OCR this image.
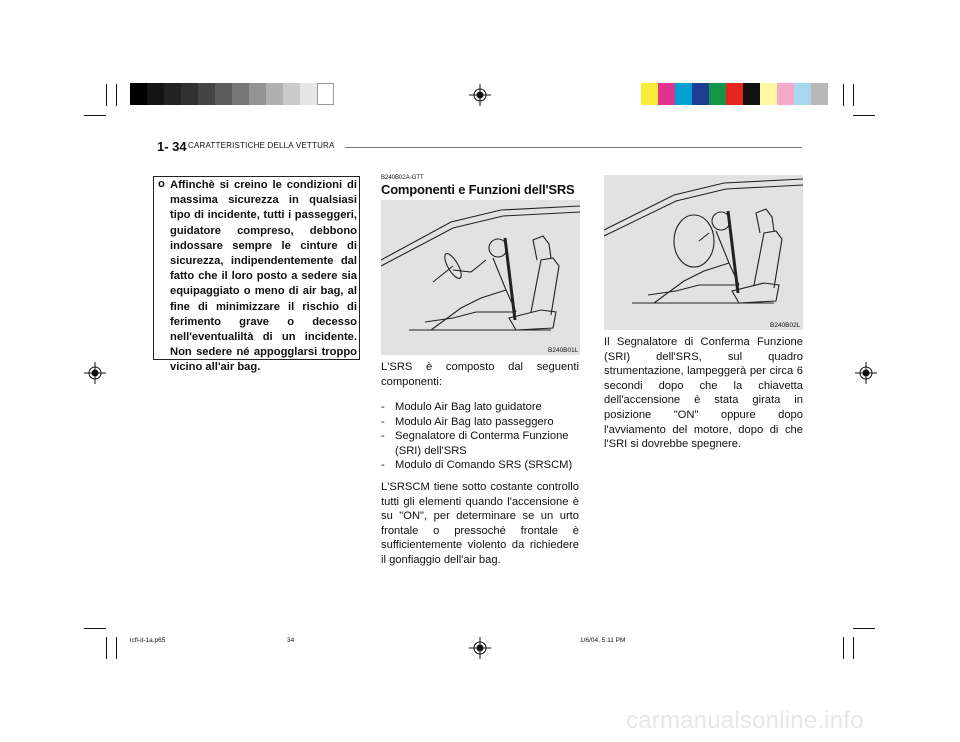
1- 34 CARATTERISTICHE DELLA VETTURA
o Affinchè si creino le condizioni di massima sicurezza in qualsiasi tipo di incidente, tutti i passeggeri, guidatore compreso, debbono indossare sempre le cinture di sicurezza, indipendentemente dal fatto che il loro posto a sedere sia equipaggiato o meno di air bag, al fine di minimizzare il rischio di ferimento grave o decesso nell'eventualiltà di un incidente. Non sedere né appogglarsi troppo vicino all'air bag.
B240B02A-GTT
Componenti e Funzioni dell'SRS
B240B01L
L'SRS è composto dal seguenti componenti:
- Modulo Air Bag lato guidatore
- Modulo Air Bag lato passeggero
- Segnalatore di Conterma Funzione (SRI) dell'SRS
- Modulo di Comando SRS (SRSCM)
L'SRSCM tiene sotto costante controllo tutti gli elementi quando l'accensione è su "ON", per determinare se un urto frontale o pressoché frontale è sufficientemente violento da richiedere il gonfiaggio dell'air bag.
B240B02L
Il Segnalatore di Conferma Funzione (SRI) dell'SRS, sul quadro strumentazione, lampeggerà per circa 6 secondi dopo che la chiavetta dell'accensione è stata girata in posizione "ON" oppure dopo l'avviamento del motore, dopo di che l'SRI si dovrebbe spegnere.
lcfl-it-1a.p65	34	1/6/04, 5:11 PM
carmanualsonline.info
